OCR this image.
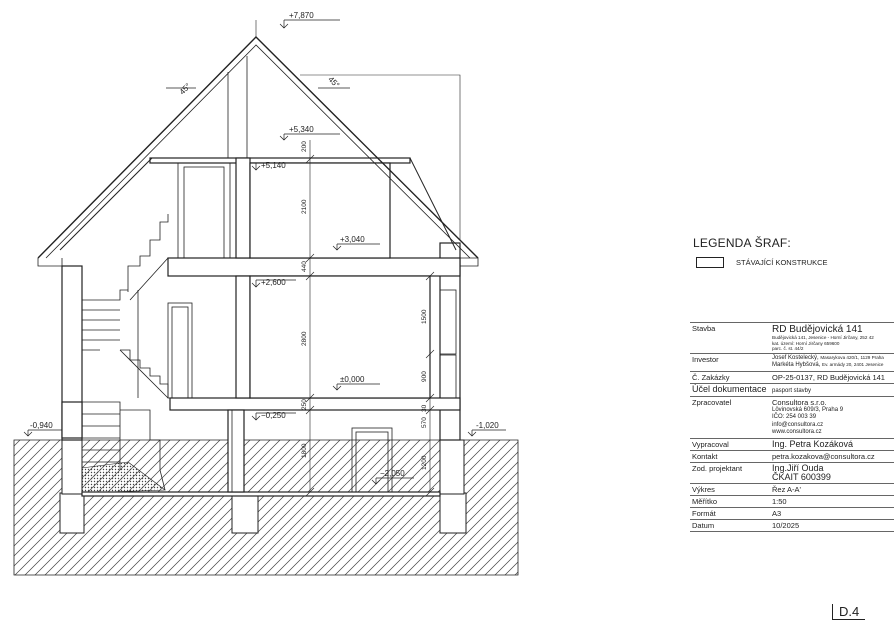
+7,870
+5,340
+5,140
+3,040
+2,600
±0,000
−0,250
−2,050
-0,940	-1,020
45°	45°
2100
440
2800
250
1800
200
1500
900
570
30
1200
LEGENDA ŠRAF:
STÁVAJÍCÍ KONSTRUKCE
Stavba	RD Budějovická 141
Budějovická 141, Jesenice - Horní Jirčany, 252 42
kat. území: Horní Jirčany 659600
parc. č. st. 44/2

Investor	Josef Kostelecký, Masarykova 420/1, 1129 Praha
Markéta Hybšová, Ev. armády 20, 2401 Jesenice

Č. Zakázky	OP-25-0137, RD Budějovická 141
Účel dokumentace	pasport stavby
Zpracovatel	Consultora s.r.o.
Lövinovská 609/3, Praha 9
IČO: 254 003 39
info@consultora.cz
www.consultora.cz

Vypracoval	Ing. Petra Kozáková
Kontakt	petra.kozakova@consultora.cz
Zod. projektant	Ing.Jiří Ouda
ČKAIT 600399

Výkres	Řez A-A'
Měřítko	1:50
Formát	A3
Datum	10/2025
D.4
